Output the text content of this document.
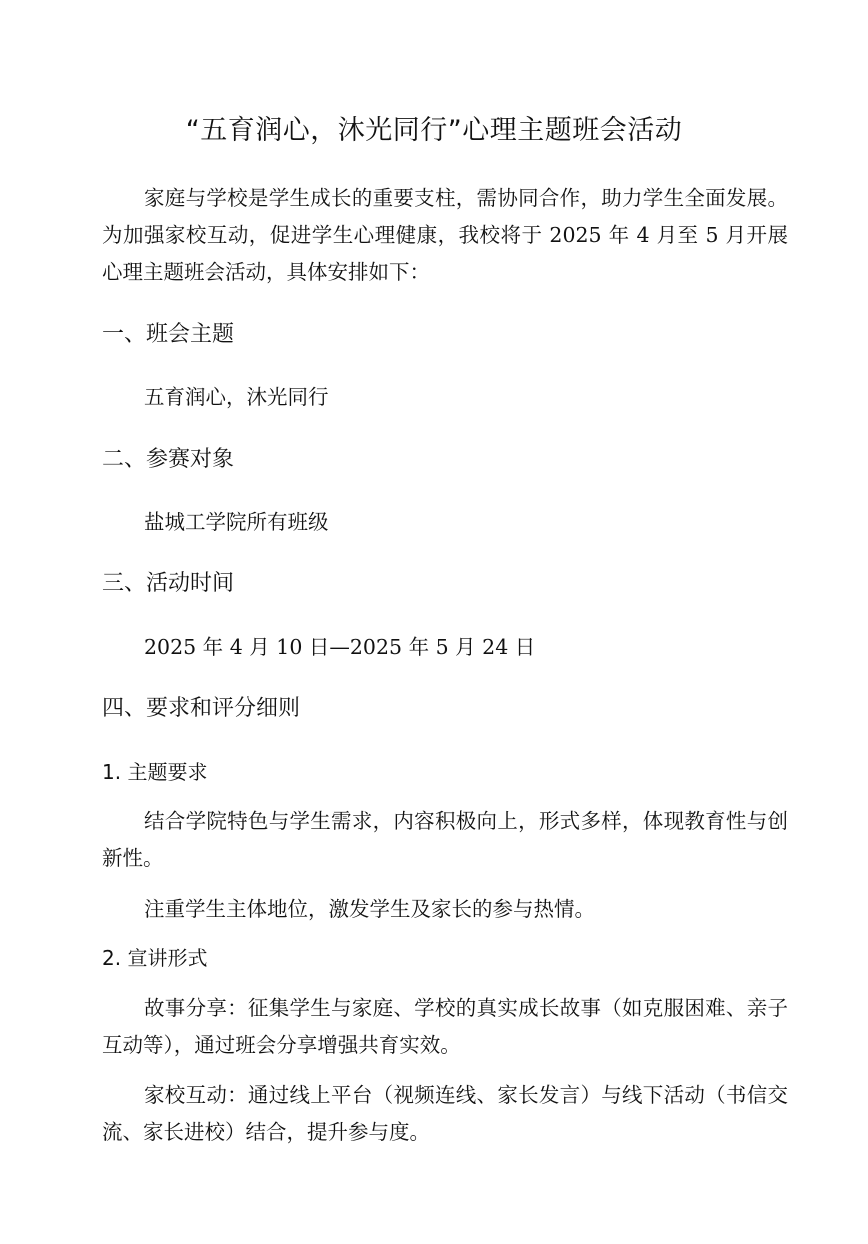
“五育润心，沐光同行”心理主题班会活动

家庭与学校是学生成长的重要支柱，需协同合作，助力学生全面发展。为加强家校互动，促进学生心理健康，我校将于 2025 年 4 月至 5 月开展心理主题班会活动，具体安排如下：

一、班会主题

五育润心，沐光同行

二、参赛对象

盐城工学院所有班级

三、活动时间

2025 年 4 月 10 日—2025 年 5 月 24 日

四、要求和评分细则

1. 主题要求

结合学院特色与学生需求，内容积极向上，形式多样，体现教育性与创新性。

注重学生主体地位，激发学生及家长的参与热情。

2. 宣讲形式

故事分享：征集学生与家庭、学校的真实成长故事（如克服困难、亲子互动等），通过班会分享增强共育实效。

家校互动：通过线上平台（视频连线、家长发言）与线下活动（书信交流、家长进校）结合，提升参与度。
